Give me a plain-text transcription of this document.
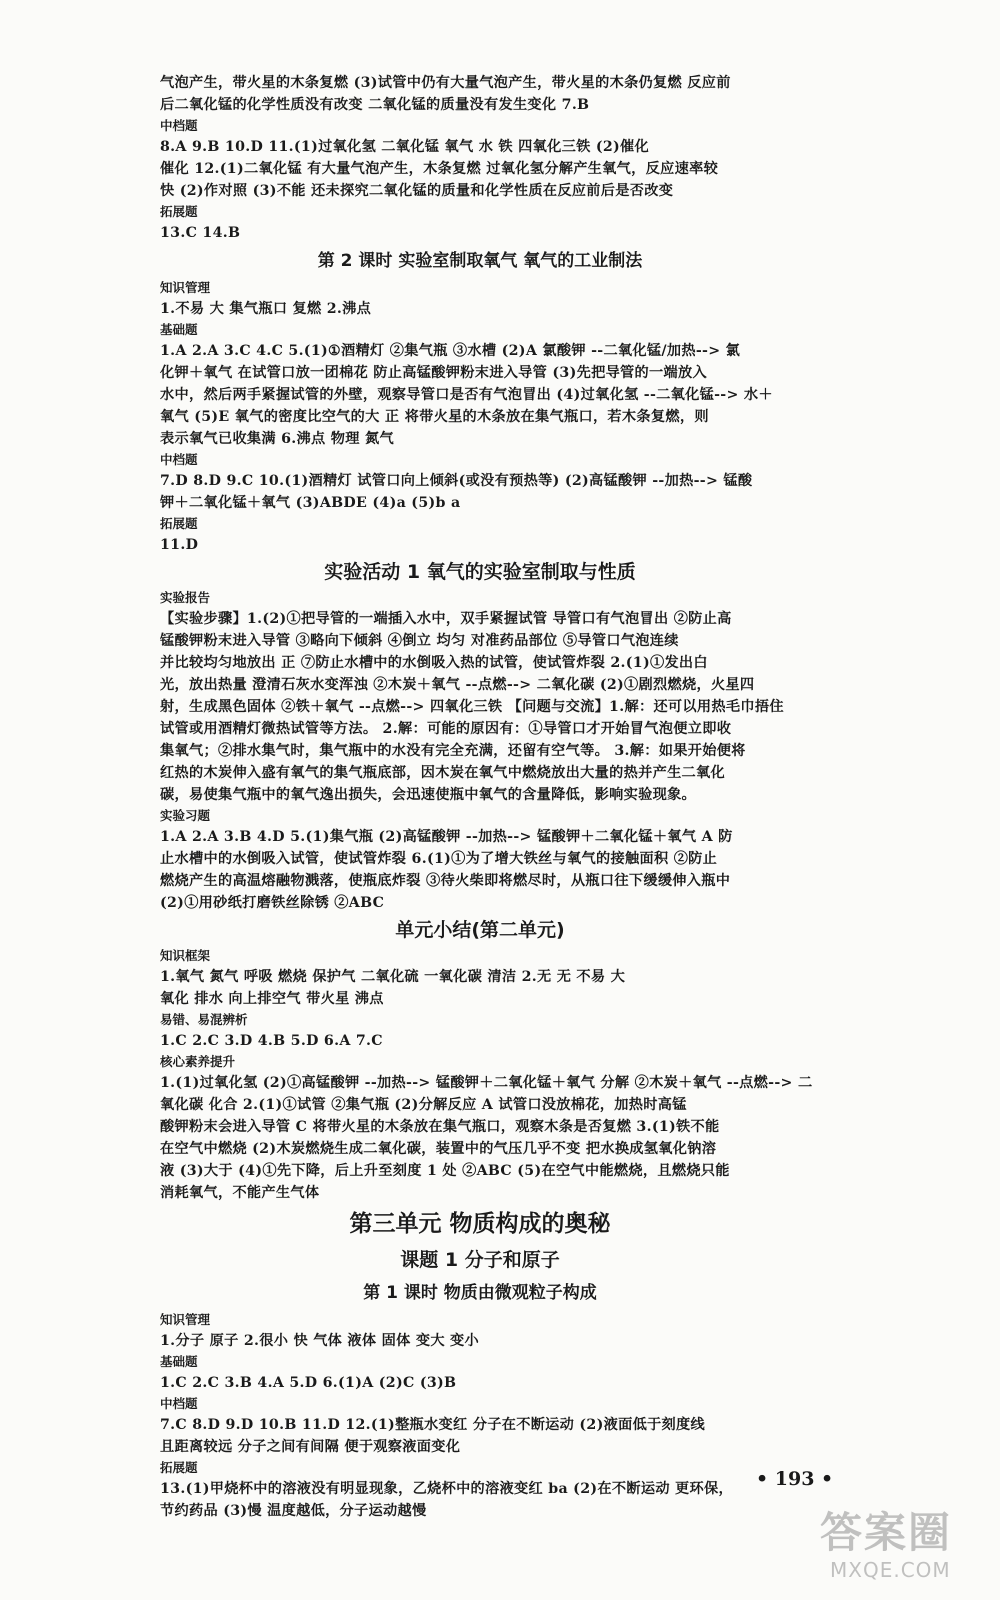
气泡产生，带火星的木条复燃 (3)试管中仍有大量气泡产生，带火星的木条仍复燃 反应前
后二氧化锰的化学性质没有改变 二氧化锰的质量没有发生变化 7.B
中档题
8.A 9.B 10.D 11.(1)过氧化氢 二氧化锰 氧气 水 铁 四氧化三铁 (2)催化
催化 12.(1)二氧化锰 有大量气泡产生，木条复燃 过氧化氢分解产生氧气，反应速率较
快 (2)作对照 (3)不能 还未探究二氧化锰的质量和化学性质在反应前后是否改变
拓展题
13.C 14.B
第 2 课时 实验室制取氧气 氧气的工业制法
知识管理
1.不易 大 集气瓶口 复燃 2.沸点
基础题
1.A 2.A 3.C 4.C 5.(1)①酒精灯 ②集气瓶 ③水槽 (2)A 氯酸钾 --二氧化锰/加热--> 氯
化钾＋氧气 在试管口放一团棉花 防止高锰酸钾粉末进入导管 (3)先把导管的一端放入
水中，然后两手紧握试管的外壁，观察导管口是否有气泡冒出 (4)过氧化氢 --二氧化锰--> 水＋
氧气 (5)E 氧气的密度比空气的大 正 将带火星的木条放在集气瓶口，若木条复燃，则
表示氧气已收集满 6.沸点 物理 氮气
中档题
7.D 8.D 9.C 10.(1)酒精灯 试管口向上倾斜(或没有预热等) (2)高锰酸钾 --加热--> 锰酸
钾＋二氧化锰＋氧气 (3)ABDE (4)a (5)b a
拓展题
11.D
实验活动 1 氧气的实验室制取与性质
实验报告
【实验步骤】1.(2)①把导管的一端插入水中，双手紧握试管 导管口有气泡冒出 ②防止高
锰酸钾粉末进入导管 ③略向下倾斜 ④倒立 均匀 对准药品部位 ⑤导管口气泡连续
并比较均匀地放出 正 ⑦防止水槽中的水倒吸入热的试管，使试管炸裂 2.(1)①发出白
光，放出热量 澄清石灰水变浑浊 ②木炭＋氧气 --点燃--> 二氧化碳 (2)①剧烈燃烧，火星四
射，生成黑色固体 ②铁＋氧气 --点燃--> 四氧化三铁 【问题与交流】1.解：还可以用热毛巾捂住
试管或用酒精灯微热试管等方法。 2.解：可能的原因有：①导管口才开始冒气泡便立即收
集氧气；②排水集气时，集气瓶中的水没有完全充满，还留有空气等。 3.解：如果开始便将
红热的木炭伸入盛有氧气的集气瓶底部，因木炭在氧气中燃烧放出大量的热并产生二氧化
碳，易使集气瓶中的氧气逸出损失，会迅速使瓶中氧气的含量降低，影响实验现象。
实验习题
1.A 2.A 3.B 4.D 5.(1)集气瓶 (2)高锰酸钾 --加热--> 锰酸钾＋二氧化锰＋氧气 A 防
止水槽中的水倒吸入试管，使试管炸裂 6.(1)①为了增大铁丝与氧气的接触面积 ②防止
燃烧产生的高温熔融物溅落，使瓶底炸裂 ③待火柴即将燃尽时，从瓶口往下缓缓伸入瓶中
(2)①用砂纸打磨铁丝除锈 ②ABC
单元小结(第二单元)
知识框架
1.氧气 氮气 呼吸 燃烧 保护气 二氧化硫 一氧化碳 清洁 2.无 无 不易 大
氧化 排水 向上排空气 带火星 沸点
易错、易混辨析
1.C 2.C 3.D 4.B 5.D 6.A 7.C
核心素养提升
1.(1)过氧化氢 (2)①高锰酸钾 --加热--> 锰酸钾＋二氧化锰＋氧气 分解 ②木炭＋氧气 --点燃--> 二
氧化碳 化合 2.(1)①试管 ②集气瓶 (2)分解反应 A 试管口没放棉花，加热时高锰
酸钾粉末会进入导管 C 将带火星的木条放在集气瓶口，观察木条是否复燃 3.(1)铁不能
在空气中燃烧 (2)木炭燃烧生成二氧化碳，装置中的气压几乎不变 把水换成氢氧化钠溶
液 (3)大于 (4)①先下降，后上升至刻度 1 处 ②ABC (5)在空气中能燃烧，且燃烧只能
消耗氧气，不能产生气体
第三单元 物质构成的奥秘
课题 1 分子和原子
第 1 课时 物质由微观粒子构成
知识管理
1.分子 原子 2.很小 快 气体 液体 固体 变大 变小
基础题
1.C 2.C 3.B 4.A 5.D 6.(1)A (2)C (3)B
中档题
7.C 8.D 9.D 10.B 11.D 12.(1)整瓶水变红 分子在不断运动 (2)液面低于刻度线
且距离较远 分子之间有间隔 便于观察液面变化
拓展题
13.(1)甲烧杯中的溶液没有明显现象，乙烧杯中的溶液变红 ba (2)在不断运动 更环保，
节约药品 (3)慢 温度越低，分子运动越慢
• 193 •
答案圈
MXQE.COM
